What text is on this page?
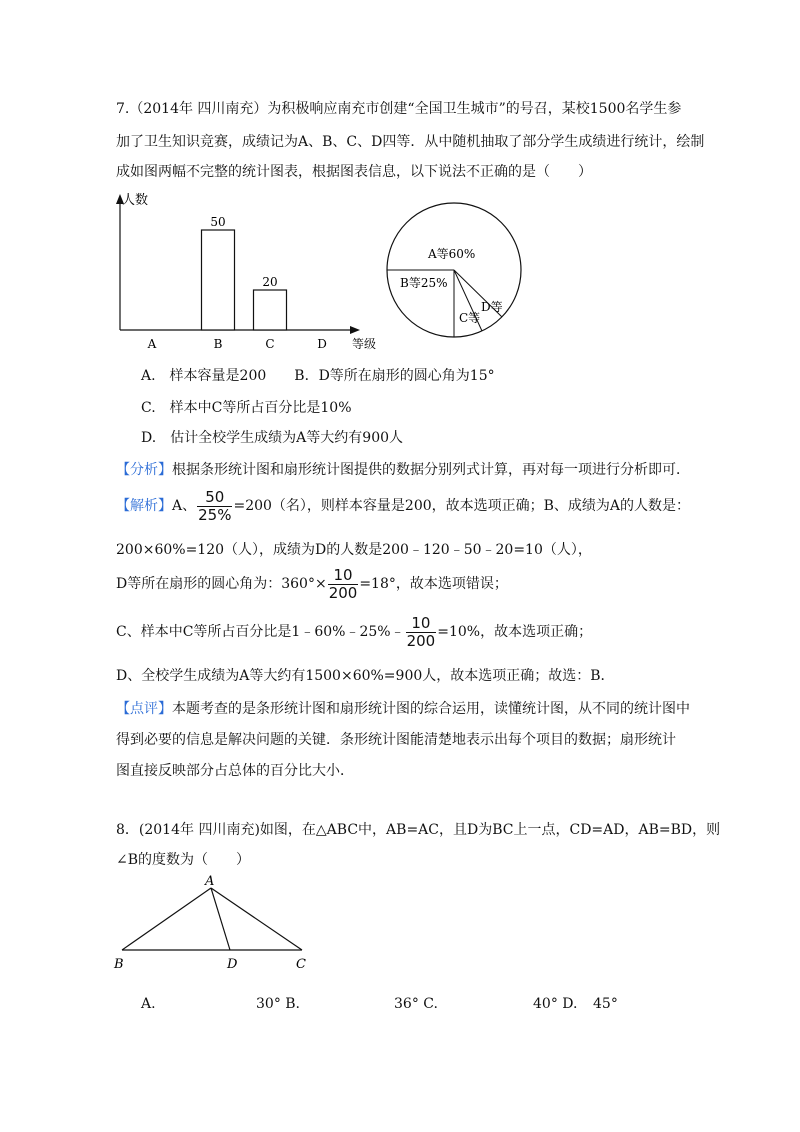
7.（2014年 四川南充）为积极响应南充市创建“全国卫生城市”的号召，某校1500名学生参
加了卫生知识竞赛，成绩记为A、B、C、D四等．从中随机抽取了部分学生成绩进行统计，绘制
成如图两幅不完整的统计图表，根据图表信息，以下说法不正确的是（　　）
人数
等级
A	B
50
C
20
D
A等60%
B等25%
C等
D等
A.　样本容量是200　　B．D等所在扇形的圆心角为15°
C.　样本中C等所占百分比是10%
D.　估计全校学生成绩为A等大约有900人
【分析】根据条形统计图和扇形统计图提供的数据分别列式计算，再对每一项进行分析即可．
【解析】A、 $\frac{50}{25\%} =200$（名），则样本容量是200，故本选项正确；B、成绩为A的人数是：
200×60%=120（人），成绩为D的人数是200﹣120﹣50﹣20=10（人），
D等所在扇形的圆心角为：$360^\circ\times \frac{10}{200} =18^\circ$，故本选项错误；
C、样本中C等所占百分比是1﹣60%﹣25%﹣ $\frac{10}{200} =10\%$，故本选项正确；
D、全校学生成绩为A等大约有1500×60%=900人，故本选项正确；故选：B．
【点评】本题考查的是条形统计图和扇形统计图的综合运用，读懂统计图，从不同的统计图中
得到必要的信息是解决问题的关键．条形统计图能清楚地表示出每个项目的数据；扇形统计
图直接反映部分占总体的百分比大小．
8．(2014年 四川南充)如图，在△ABC中，AB=AC，且D为BC上一点，CD=AD，AB=BD，则
∠B的度数为（　　）
A
B	D	C
A.	30° B.	36° C.	40° D. 45°
